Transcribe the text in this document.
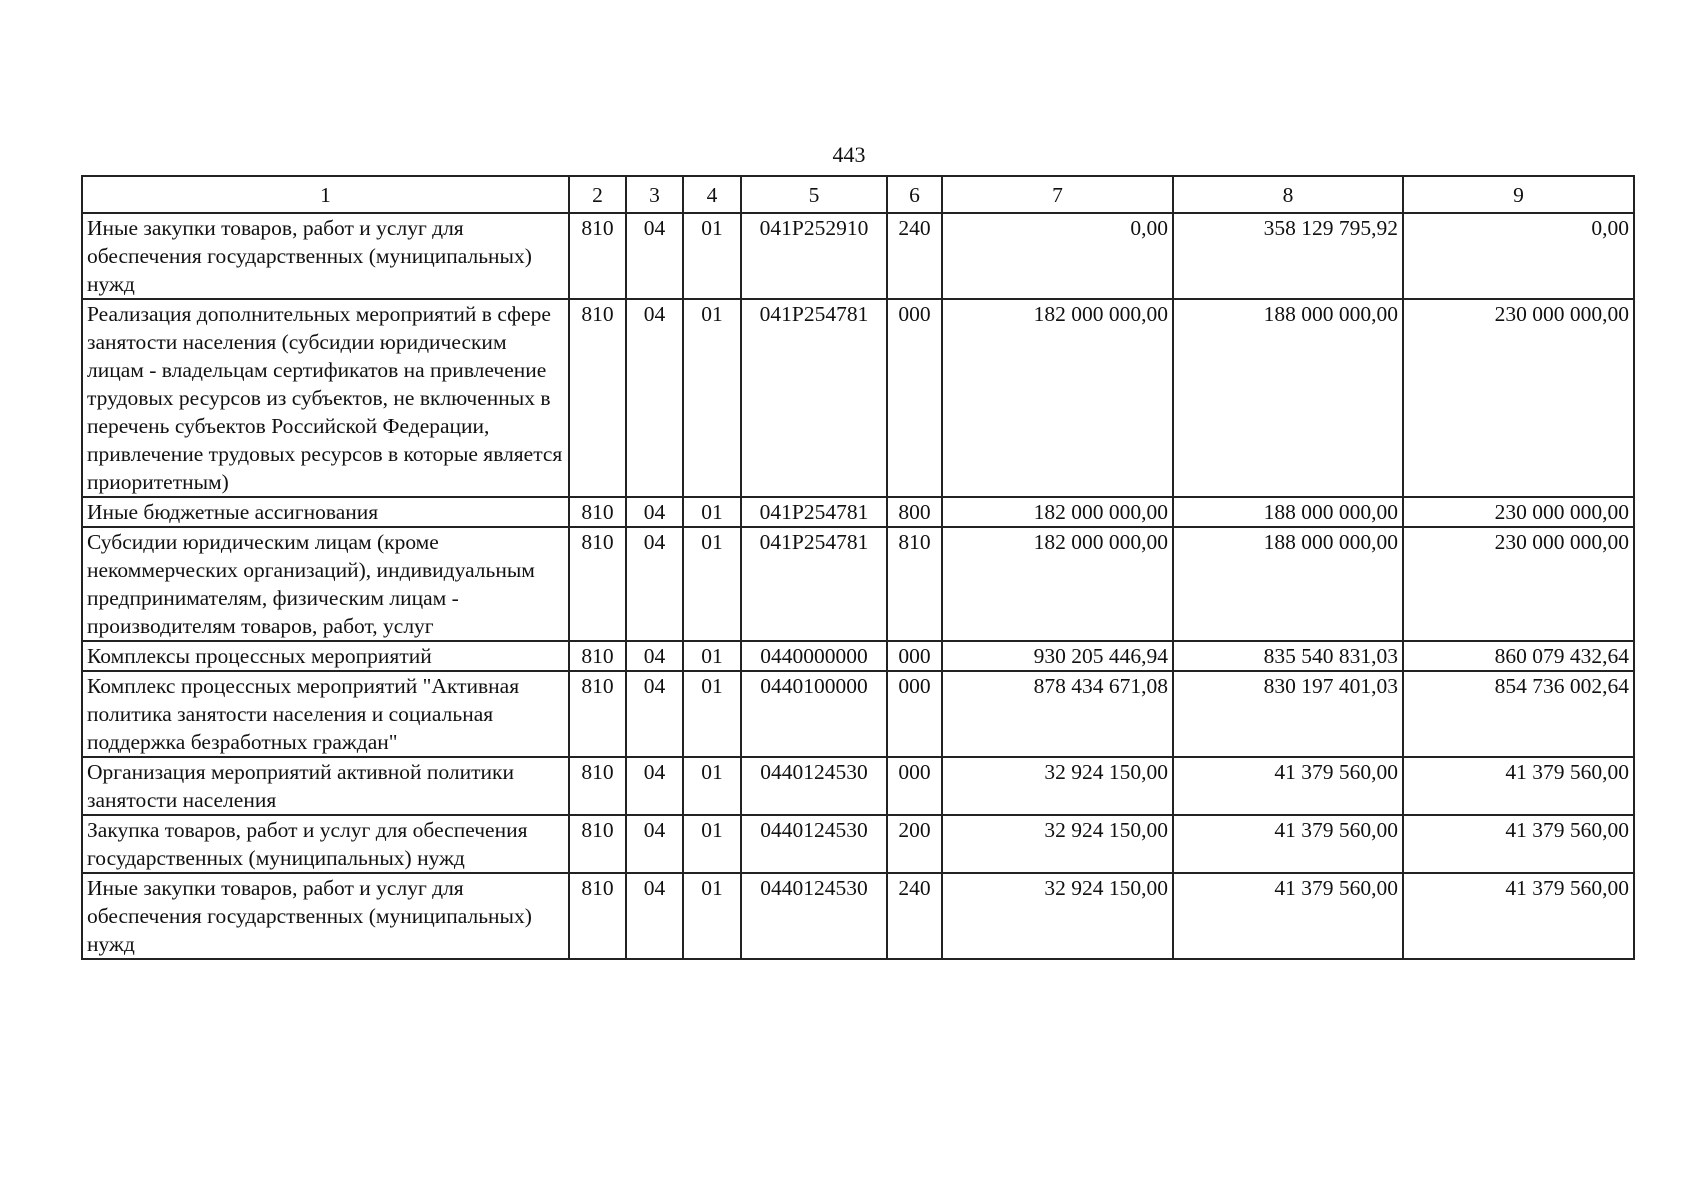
443
1	2	3	4	5	6	7	8	9
Иные закупки товаров, работ и услуг для обеспечения государственных (муниципальных) нужд	810	04	01	041P252910	240	0,00	358 129 795,92	0,00
Реализация дополнительных мероприятий в сфере занятости населения (субсидии юридическим лицам - владельцам сертификатов на привлечение трудовых ресурсов из субъектов, не включенных в перечень субъектов Российской Федерации, привлечение трудовых ресурсов в которые является приоритетным)	810	04	01	041P254781	000	182 000 000,00	188 000 000,00	230 000 000,00
Иные бюджетные ассигнования	810	04	01	041P254781	800	182 000 000,00	188 000 000,00	230 000 000,00
Субсидии юридическим лицам (кроме некоммерческих организаций), индивидуальным предпринимателям, физическим лицам - производителям товаров, работ, услуг	810	04	01	041P254781	810	182 000 000,00	188 000 000,00	230 000 000,00
Комплексы процессных мероприятий	810	04	01	0440000000	000	930 205 446,94	835 540 831,03	860 079 432,64
Комплекс процессных мероприятий "Активная политика занятости населения и социальная поддержка безработных граждан"	810	04	01	0440100000	000	878 434 671,08	830 197 401,03	854 736 002,64
Организация мероприятий активной политики занятости населения	810	04	01	0440124530	000	32 924 150,00	41 379 560,00	41 379 560,00
Закупка товаров, работ и услуг для обеспечения государственных (муниципальных) нужд	810	04	01	0440124530	200	32 924 150,00	41 379 560,00	41 379 560,00
Иные закупки товаров, работ и услуг для обеспечения государственных (муниципальных) нужд	810	04	01	0440124530	240	32 924 150,00	41 379 560,00	41 379 560,00
